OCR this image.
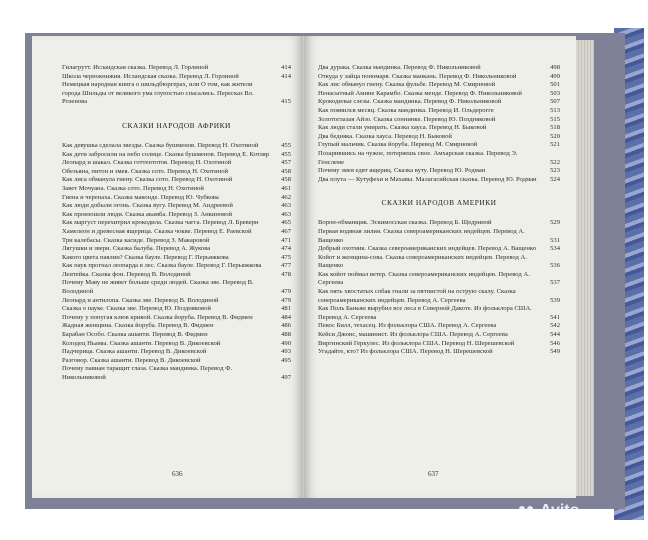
Гилагрутт. Исландская сказка. Перевод Л. Горлиной	414
Школа чернокнижия. Исландская сказка. Перевод Л. Горлиной	414
Немецкая народная книга о шильдбюргерах, или О том, как жители города Шильды от великого ума глупостью спасались. Пересказ Вл. Розенова	415
СКАЗКИ НАРОДОВ АФРИКИ
Как девушка сделала звезды. Сказка бушменов. Перевод Н. Охотиной	455
Как дети забросили на небо солнце. Сказка бушменов. Перевод Е. Котляр	455
Леопард и шакал. Сказка готтентотов. Перевод Н. Охотиной	457
Обезьяна, питон и змея. Сказка сото. Перевод Н. Охотиной	458
Как лиса обманула гиену. Сказка сото. Перевод Н. Охотиной	458
Завет Мочуана. Сказка сото. Перевод Н. Охотиной	461
Гиена и черепаха. Сказка маконде. Перевод Ю. Чубкова	462
Как люди добыли огонь. Сказка вугу. Перевод М. Андреевой	463
Как произошли люди. Сказка акамба. Перевод З. Анкиновой	463
Как маргуст перехитрил крокодила. Сказка чагга. Перевод Л. Бреверн	465
Хамелеон и древесная ящерица. Сказка чокве. Перевод Е. Раевской	467
Три калебасы. Сказка касиде. Перевод З. Макаровой	471
Лягушки и звери. Сказка балуба. Перевод А. Жукова	474
Какого цвета павлин? Сказка бауле. Перевод Г. Перьяжкова	475
Как паук прогнал леопарда в лес. Сказка бауле. Перевод Г. Перьяжкова	477
Леитейка. Сказка фон. Перевод В. Володиной	478
Почему Маву не живет больше среди людей. Сказка эве. Перевод В. Володиной	479
Леопард и антилопа. Сказка эве. Перевод В. Володиной	479
Сказка о пауке. Сказка эве. Перевод Ю. Поздняковой	481
Почему у попугая клюв кривой. Сказка йоруба. Перевод В. Фидмен	484
Жадная женщина. Сказка йоруба. Перевод В. Фидмен	486
Барабан Особо. Сказка ашанти. Перевод В. Фидмен	488
Колодец Ньамы. Сказка ашанти. Перевод В. Дикоевской	490
Падчерица. Сказка ашанти. Перевод В. Дикоевской	493
Разговор. Сказка ашанти. Перевод В. Дикоевской	495
Почему павиан таращит глаза. Сказка мандинка. Перевод Ф. Никольниковой	497
636
Два дурака. Сказка мандинка. Перевод Ф. Никольниковой	498
Откуда у зайца пономаря. Сказка манкань. Перевод Ф. Никольниковой	499
Как лис обманул гиену. Сказка фульбе. Перевод М. Смирновой	501
Ненасытный Амине Карамбо. Сказка менде. Перевод Ф. Никольниковой	503
Крокодильи слезы. Сказка мандинка. Перевод Ф. Никольниковой	507
Как появился месяц. Сказка мандинка. Перевод И. Ольдерогге	513
Золотоглазая Айзо. Сказка соннинке. Перевод Ю. Поздняковой	515
Как люди стали умирать. Сказка хауса. Перевод Н. Быковой	518
Два бедняка. Сказка хауса. Перевод Н. Быковой	520
Глупый мальчик. Сказка йоруба. Перевод М. Смирновой	521
Позарившись на чужое, потеряешь свое. Амхарская сказка. Перевод Э. Генслеме	522
Почему змея едят ящериц. Сказка вуту. Перевод Ю. Родман	523
Два плута — Кутуфехи и Махавы. Малагасийская сказка. Перевод Ю. Родман	524
СКАЗКИ НАРОДОВ АМЕРИКИ
Ворон-обманщик. Эскимосская сказка. Перевод Б. Щедриной	529
Первая водяная лилия. Сказка североамериканских индейцев. Перевод А. Ващенко	531
Добрый охотник. Сказка североамериканских индейцев. Перевод А. Ващенко	534
Койот и женщина-сова. Сказка североамериканских индейцев. Перевод А. Ващенко	536
Как койот поймал ветер. Сказка североамериканских индейцев. Перевод А. Сергеева	537
Как пять хвостатых собак гнали за пятнистой на острую скалу. Сказка североамериканских индейцев. Перевод А. Сергеева	539
Как Поль Баньян вырубил все леса в Северной Дакоте. Из фольклора США. Перевод А. Сергеева	541
Пекос Билл, техасец. Из фольклора США. Перевод А. Сергеева	542
Кейси Джонс, машинист. Из фольклора США. Перевод А. Сергеева	544
Виргинский Геркулес. Из фольклора США. Перевод Н. Шерешевской	546
Угадайте, кто? Из фольклора США. Перевод Н. Шерешевской	549
637
Avito
